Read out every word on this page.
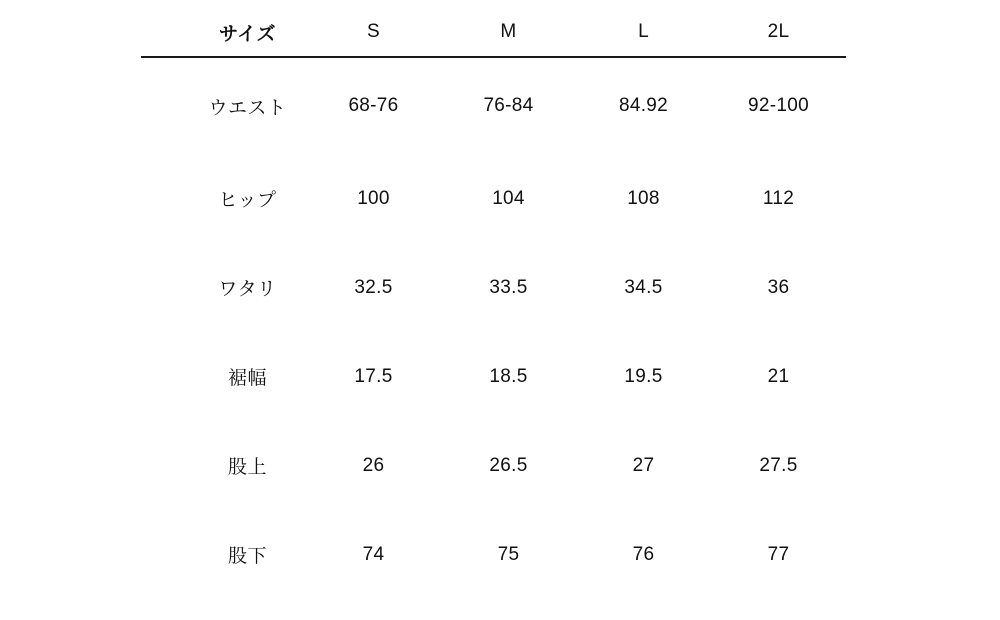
サイズ	S	M	L	2L
ウエスト	68-76	76-84	84.92	92-100
ヒップ	100	104	108	112
ワタリ	32.5	33.5	34.5	36
裾幅	17.5	18.5	19.5	21
股上	26	26.5	27	27.5
股下	74	75	76	77
